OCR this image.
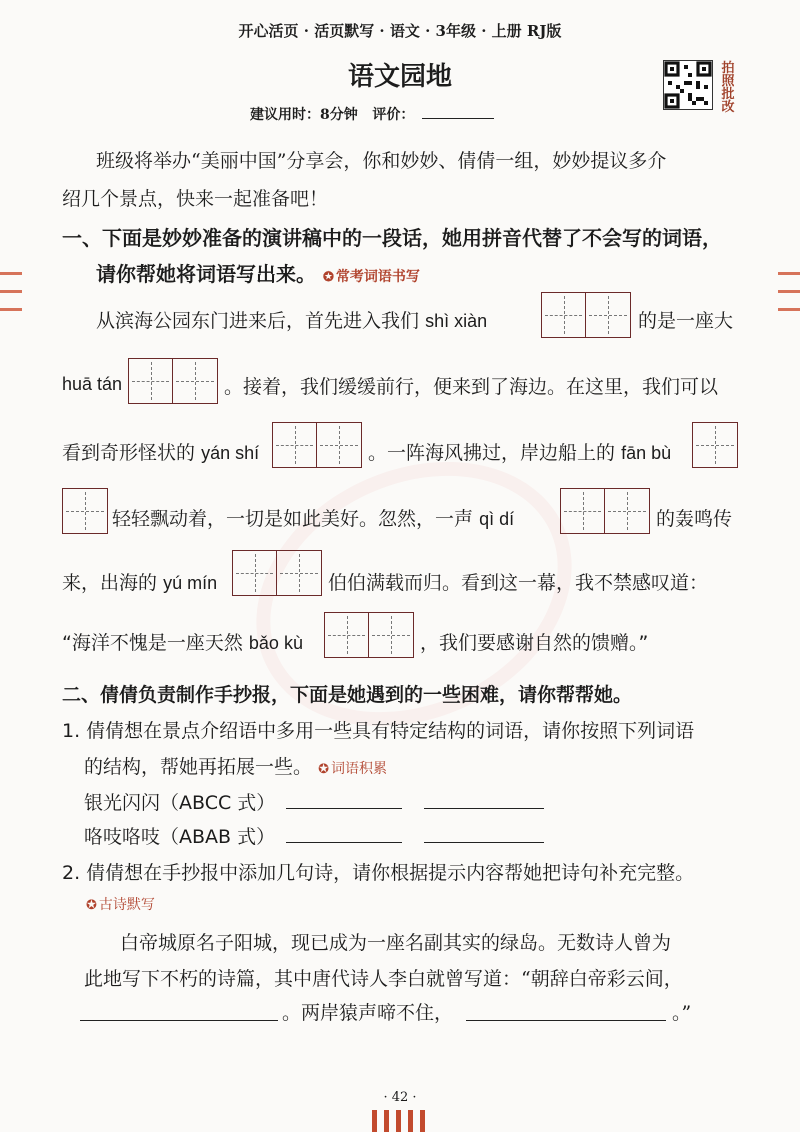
开心活页 · 活页默写 · 语文 · 3年级 · 上册 RJ版
语文园地
建议用时：8分钟 评价：
拍照批改
班级将举办“美丽中国”分享会，你和妙妙、倩倩一组，妙妙提议多介
绍几个景点，快来一起准备吧！
一、下面是妙妙准备的演讲稿中的一段话，她用拼音代替了不会写的词语，
请你帮她将词语写出来。 ✪ 常考词语书写
从滨海公园东门进来后，首先进入我们 shì xiàn	的是一座大
huā tán	。接着，我们缓缓前行，便来到了海边。在这里，我们可以
看到奇形怪状的 yán shí	。一阵海风拂过，岸边船上的 fān bù
轻轻飘动着，一切是如此美好。忽然，一声 qì dí	的轰鸣传
来，出海的 yú mín	伯伯满载而归。看到这一幕，我不禁感叹道：
“海洋不愧是一座天然 bǎo kù	，我们要感谢自然的馈赠。”
二、倩倩负责制作手抄报，下面是她遇到的一些困难，请你帮帮她。
1. 倩倩想在景点介绍语中多用一些具有特定结构的词语，请你按照下列词语
的结构，帮她再拓展一些。 ✪ 词语积累
银光闪闪（ABCC 式）
咯吱咯吱（ABAB 式）
2. 倩倩想在手抄报中添加几句诗，请你根据提示内容帮她把诗句补充完整。
✪ 古诗默写
白帝城原名子阳城，现已成为一座名副其实的绿岛。无数诗人曾为
此地写下不朽的诗篇，其中唐代诗人李白就曾写道：“朝辞白帝彩云间，
。两岸猿声啼不住，	。”
· 42 ·
